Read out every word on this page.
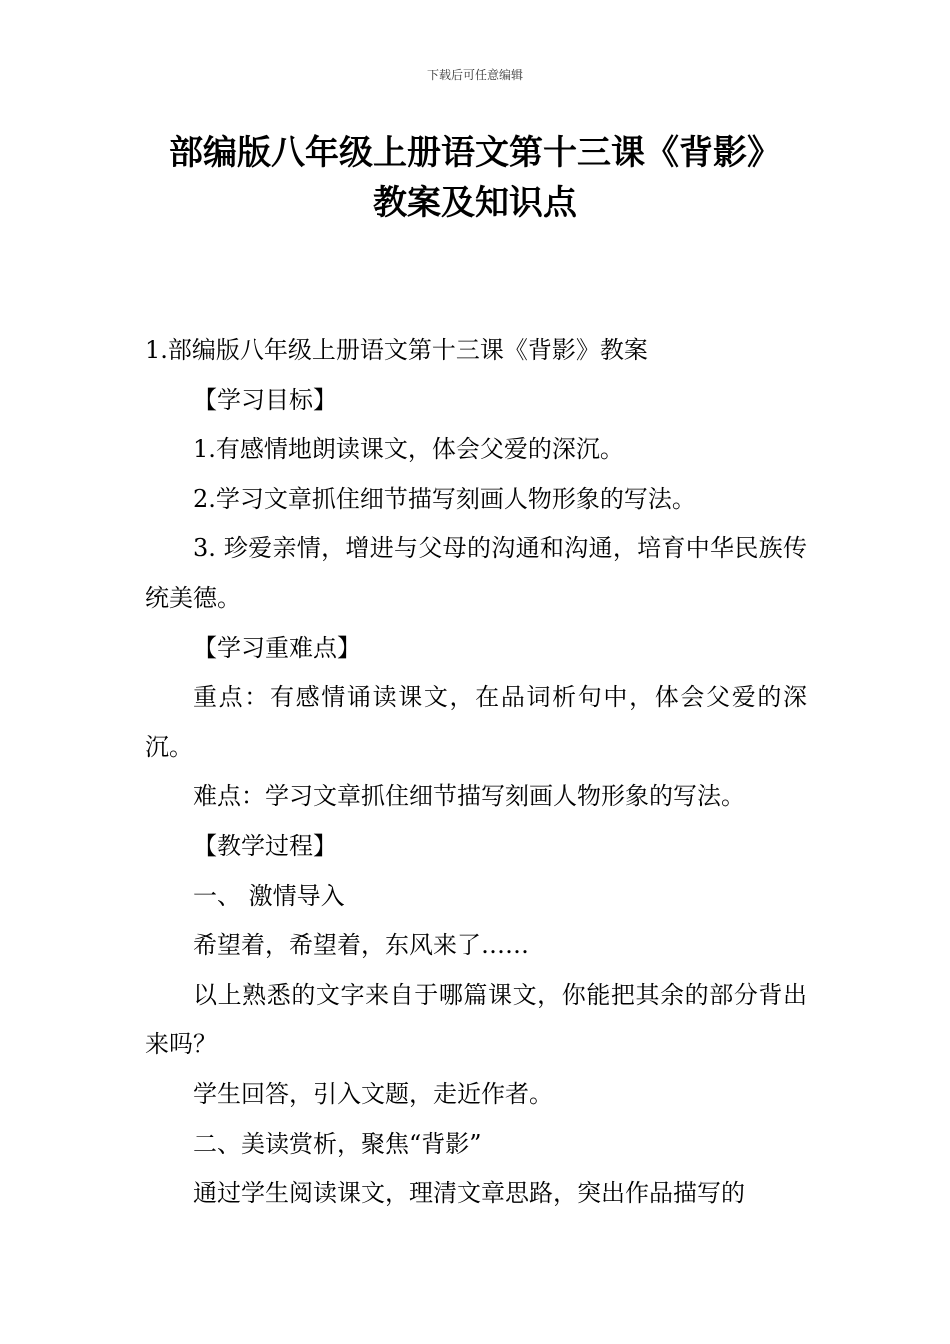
下载后可任意编辑
部编版八年级上册语文第十三课《背影》
教案及知识点

1.部编版八年级上册语文第十三课《背影》教案

【学习目标】

1.有感情地朗读课文，体会父爱的深沉。

2.学习文章抓住细节描写刻画人物形象的写法。

3. 珍爱亲情，增进与父母的沟通和沟通，培育中华民族传统美德。

【学习重难点】

重点：有感情诵读课文，在品词析句中，体会父爱的深沉。

难点：学习文章抓住细节描写刻画人物形象的写法。

【教学过程】

一、 激情导入

希望着，希望着，东风来了……

以上熟悉的文字来自于哪篇课文，你能把其余的部分背出来吗？

学生回答，引入文题，走近作者。

二、美读赏析，聚焦“背影”

通过学生阅读课文，理清文章思路，突出作品描写的
